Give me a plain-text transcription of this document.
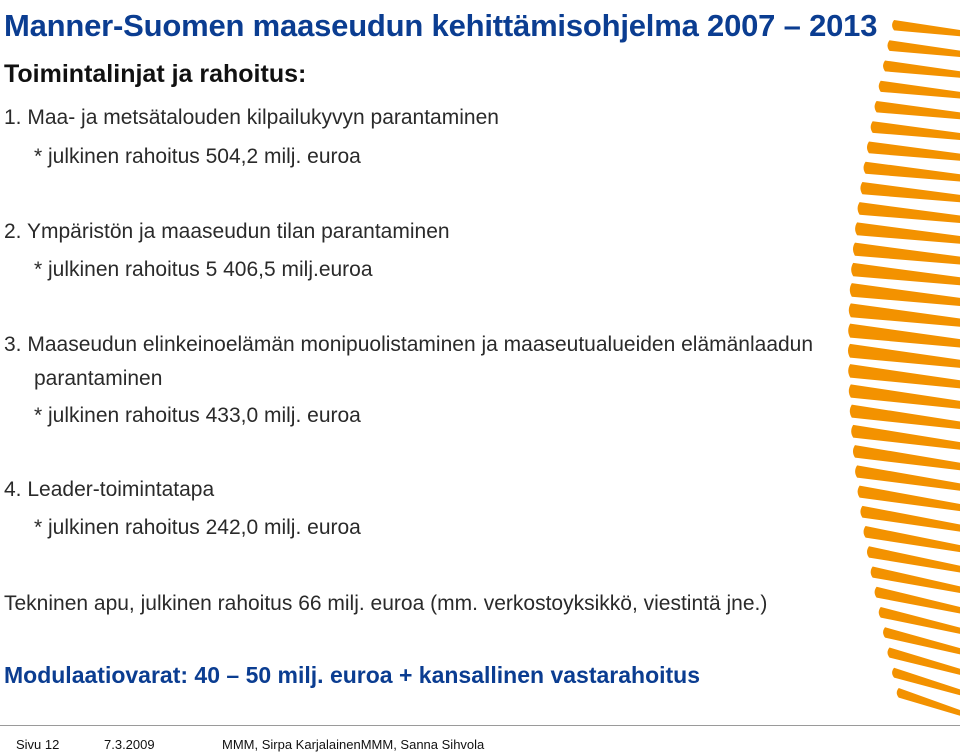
Manner-Suomen maaseudun kehittämisohjelma 2007 – 2013
Toimintalinjat ja rahoitus:
1. Maa- ja metsätalouden kilpailukyvyn parantaminen
* julkinen rahoitus 504,2 milj. euroa
2. Ympäristön ja maaseudun tilan parantaminen
* julkinen rahoitus 5 406,5 milj.euroa
3. Maaseudun elinkeinoelämän monipuolistaminen ja maaseutualueiden elämänlaadun
parantaminen
* julkinen rahoitus 433,0 milj. euroa
4. Leader-toimintatapa
* julkinen rahoitus 242,0 milj. euroa
Tekninen apu, julkinen rahoitus 66 milj. euroa (mm. verkostoyksikkö, viestintä jne.)
Modulaatiovarat: 40 – 50 milj. euroa + kansallinen vastarahoitus
Sivu 12	7.3.2009	MMM, Sirpa KarjalainenMMM, Sanna Sihvola
